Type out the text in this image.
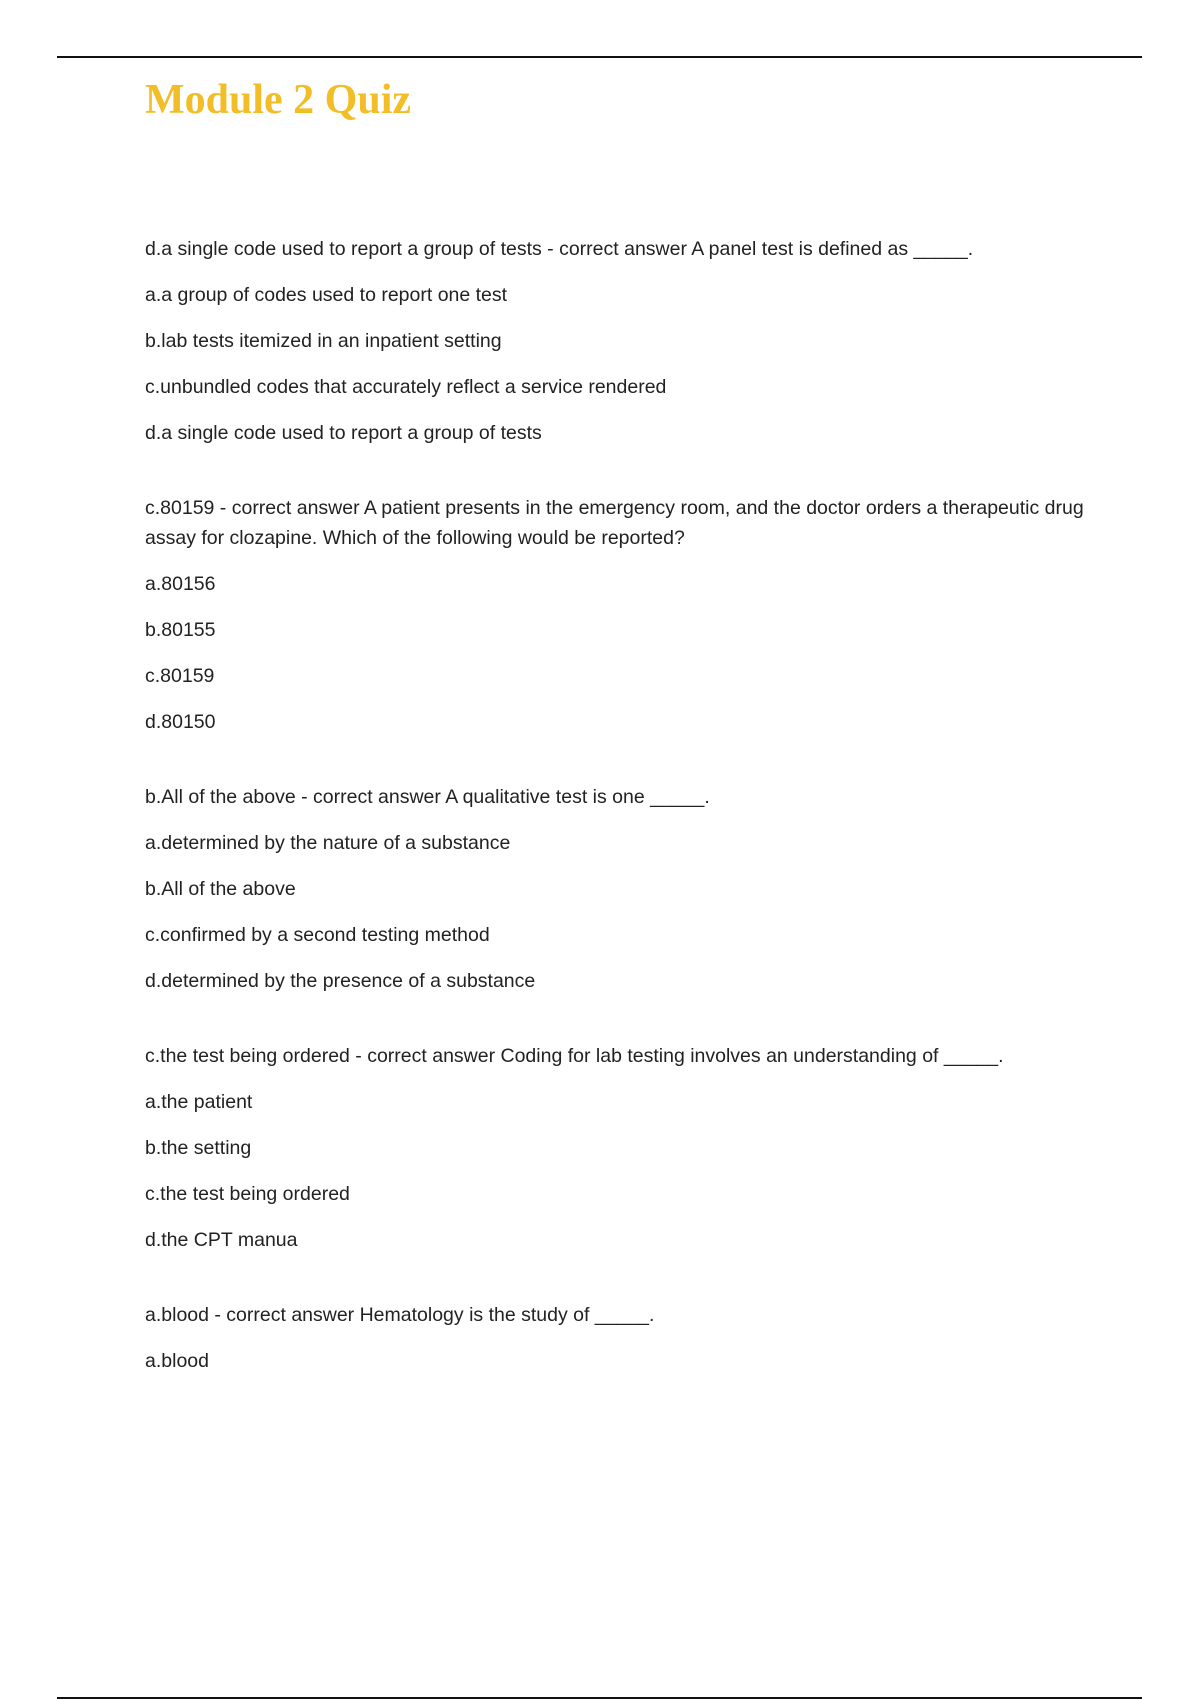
Module 2 Quiz

d.a single code used to report a group of tests - correct answer A panel test is defined as _____.

a.a group of codes used to report one test

b.lab tests itemized in an inpatient setting

c.unbundled codes that accurately reflect a service rendered

d.a single code used to report a group of tests

c.80159 - correct answer A patient presents in the emergency room, and the doctor orders a therapeutic drug assay for clozapine. Which of the following would be reported?

a.80156

b.80155

c.80159

d.80150

b.All of the above - correct answer A qualitative test is one _____.

a.determined by the nature of a substance

b.All of the above

c.confirmed by a second testing method

d.determined by the presence of a substance

c.the test being ordered - correct answer Coding for lab testing involves an understanding of _____.

a.the patient

b.the setting

c.the test being ordered

d.the CPT manua

a.blood - correct answer Hematology is the study of _____.

a.blood
